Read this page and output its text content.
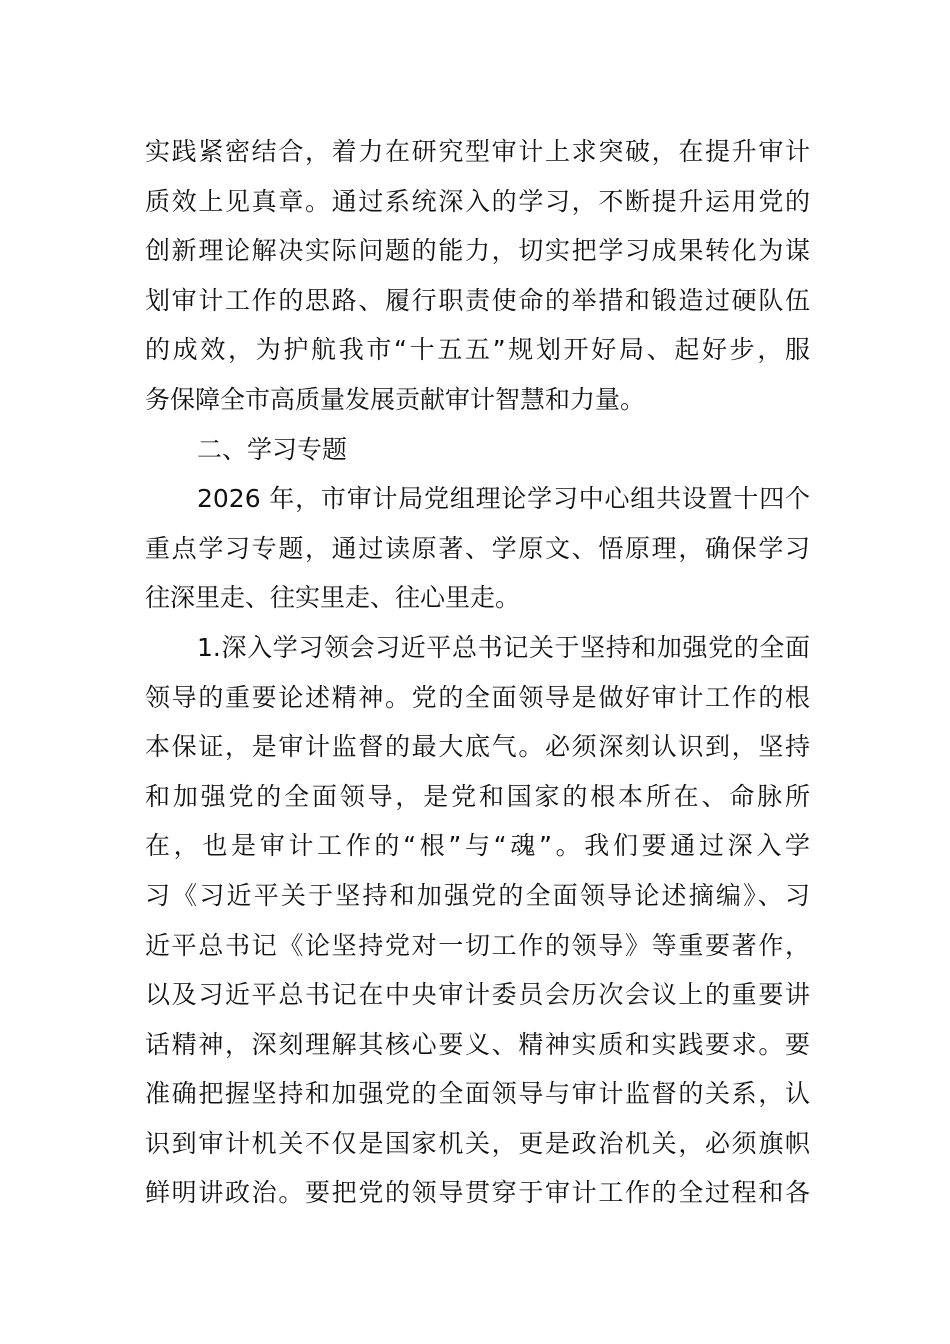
实践紧密结合，着力在研究型审计上求突破，在提升审计
质效上见真章。通过系统深入的学习，不断提升运用党的
创新理论解决实际问题的能力，切实把学习成果转化为谋
划审计工作的思路、履行职责使命的举措和锻造过硬队伍
的成效，为护航我市“十五五”规划开好局、起好步，服
务保障全市高质量发展贡献审计智慧和力量。
二、学习专题
2026 年，市审计局党组理论学习中心组共设置十四个
重点学习专题，通过读原著、学原文、悟原理，确保学习
往深里走、往实里走、往心里走。
1.深入学习领会习近平总书记关于坚持和加强党的全面
领导的重要论述精神。党的全面领导是做好审计工作的根
本保证，是审计监督的最大底气。必须深刻认识到，坚持
和加强党的全面领导，是党和国家的根本所在、命脉所
在，也是审计工作的“根”与“魂”。我们要通过深入学
习《习近平关于坚持和加强党的全面领导论述摘编》、习
近平总书记《论坚持党对一切工作的领导》等重要著作，
以及习近平总书记在中央审计委员会历次会议上的重要讲
话精神，深刻理解其核心要义、精神实质和实践要求。要
准确把握坚持和加强党的全面领导与审计监督的关系，认
识到审计机关不仅是国家机关，更是政治机关，必须旗帜
鲜明讲政治。要把党的领导贯穿于审计工作的全过程和各
